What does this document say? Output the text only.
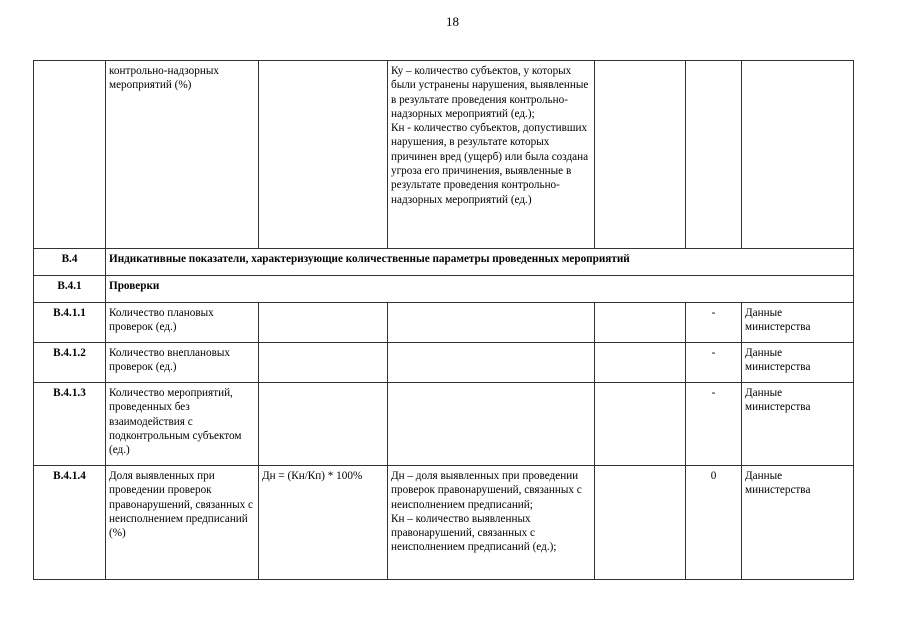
18
	контрольно-надзорных мероприятий (%)		Ку – количество субъектов, у которых были устранены нарушения, выявленные в результате проведения контрольно-надзорных мероприятий (ед.);
Кн - количество субъектов, допустивших нарушения, в результате которых причинен вред (ущерб) или была создана угроза его причинения, выявленные в результате проведения контрольно-надзорных мероприятий (ед.)			
В.4	Индикативные показатели, характеризующие количественные параметры проведенных мероприятий					
В.4.1	Проверки					
В.4.1.1	Количество плановых проверок (ед.)				-	Данные министерства
В.4.1.2	Количество внеплановых проверок (ед.)				-	Данные министерства
В.4.1.3	Количество мероприятий, проведенных без взаимодействия с подконтрольным субъектом (ед.)				-	Данные министерства
В.4.1.4	Доля выявленных при проведении проверок правонарушений, связанных с неисполнением предписаний (%)	Дн = (Кн/Кп) * 100%	Дн – доля выявленных при проведении проверок правонарушений, связанных с неисполнением предписаний;
Кн – количество выявленных правонарушений, связанных с неисполнением предписаний (ед.);		0	Данные министерства
